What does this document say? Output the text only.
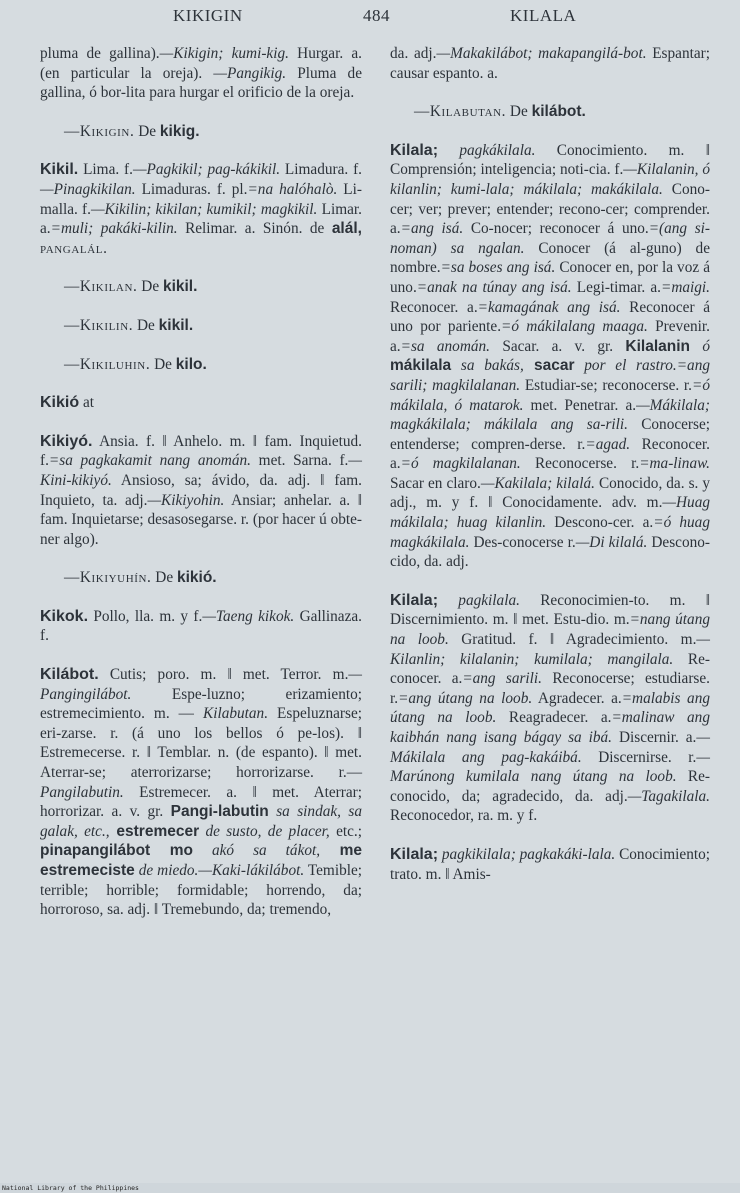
KIKIGIN	484	KILALA

pluma de gallina).—Kikigin; kumi-kig. Hurgar. a. (en particular la oreja). —Pangikig. Pluma de gallina, ó bor-lita para hurgar el orificio de la oreja.

—Kikigin. De kikig.

Kikil. Lima. f.—Pagkikil; pag-kákikil. Limadura. f.—Pinagkikilan. Limaduras. f. pl.=na halóhalò. Li-malla. f.—Kikilin; kikilan; kumikil; magkikil. Limar. a.=muli; pakáki-kilin. Relimar. a. Sinón. de alál, pangalál.

—Kikilan. De kikil.

—Kikilin. De kikil.

—Kikiluhin. De kilo.

Kikió at

Kikiyó. Ansia. f. ‖ Anhelo. m. ‖ fam. Inquietud. f.=sa pagkakamit nang anomán. met. Sarna. f.—Kini-kikiyó. Ansioso, sa; ávido, da. adj. ‖ fam. Inquieto, ta. adj.—Kikiyohin. Ansiar; anhelar. a. ‖ fam. Inquietarse; desasosegarse. r. (por hacer ú obte-ner algo).

—Kikiyuhín. De kikió.

Kikok. Pollo, lla. m. y f.—Taeng kikok. Gallinaza. f.

Kilábot. Cutis; poro. m. ‖ met. Terror. m.—Pangingilábot. Espe-luzno; erizamiento; estremecimiento. m. — Kilabutan. Espeluznarse; eri-zarse. r. (á uno los bellos ó pe-los). ‖ Estremecerse. r. ‖ Temblar. n. (de espanto). ‖ met. Aterrar-se; aterrorizarse; horrorizarse. r.—Pangilabutin. Estremecer. a. ‖ met. Aterrar; horrorizar. a. v. gr. Pangi-labutin sa sindak, sa galak, etc., estremecer de susto, de placer, etc.; pinapangilábot mo akó sa tákot, me estremeciste de miedo.—Kaki-lákilábot. Temible; terrible; horrible; formidable; horrendo, da; horroroso, sa. adj. ‖ Tremebundo, da; tremendo,

da. adj.—Makakilábot; makapangilá-bot. Espantar; causar espanto. a.

—Kilabutan. De kilábot.

Kilala; pagkákilala. Conocimiento. m. ‖ Comprensión; inteligencia; noti-cia. f.—Kilalanin, ó kilanlin; kumi-lala; mákilala; makákilala. Cono-cer; ver; prever; entender; recono-cer; comprender. a.=ang isá. Co-nocer; reconocer á uno.=(ang si-noman) sa ngalan. Conocer (á al-guno) de nombre.=sa boses ang isá. Conocer en, por la voz á uno.=anak na túnay ang isá. Legi-timar. a.=maigi. Reconocer. a.=kamagának ang isá. Reconocer á uno por pariente.=ó mákilalang maaga. Prevenir. a.=sa anomán. Sacar. a. v. gr. Kilalanin ó mákilala sa bakás, sacar por el rastro.=ang sarili; magkilalanan. Estudiar-se; reconocerse. r.=ó mákilala, ó matarok. met. Penetrar. a.—Mákilala; magkákilala; mákilala ang sa-rili. Conocerse; entenderse; compren-derse. r.=agad. Reconocer. a.=ó magkilalanan. Reconocerse. r.=ma-linaw. Sacar en claro.—Kakilala; kilalá. Conocido, da. s. y adj., m. y f. ‖ Conocidamente. adv. m.—Huag mákilala; huag kilanlin. Descono-cer. a.=ó huag magkákilala. Des-conocerse r.—Di kilalá. Descono-cido, da. adj.

Kilala; pagkilala. Reconocimien-to. m. ‖ Discernimiento. m. ‖ met. Estu-dio. m.=nang útang na loob. Gratitud. f. ‖ Agradecimiento. m.—Kilanlin; kilalanin; kumilala; mangilala. Re-conocer. a.=ang sarili. Reconocerse; estudiarse. r.=ang útang na loob. Agradecer. a.=malabis ang útang na loob. Reagradecer. a.=malinaw ang kaibhán nang isang bágay sa ibá. Discernir. a.—Mákilala ang pag-kakáibá. Discernirse. r.—Marúnong kumilala nang útang na loob. Re-conocido, da; agradecido, da. adj.—Tagakilala. Reconocedor, ra. m. y f.

Kilala; pagkikilala; pagkakáki-lala. Conocimiento; trato. m. ‖ Amis-

National Library of the Philippines
